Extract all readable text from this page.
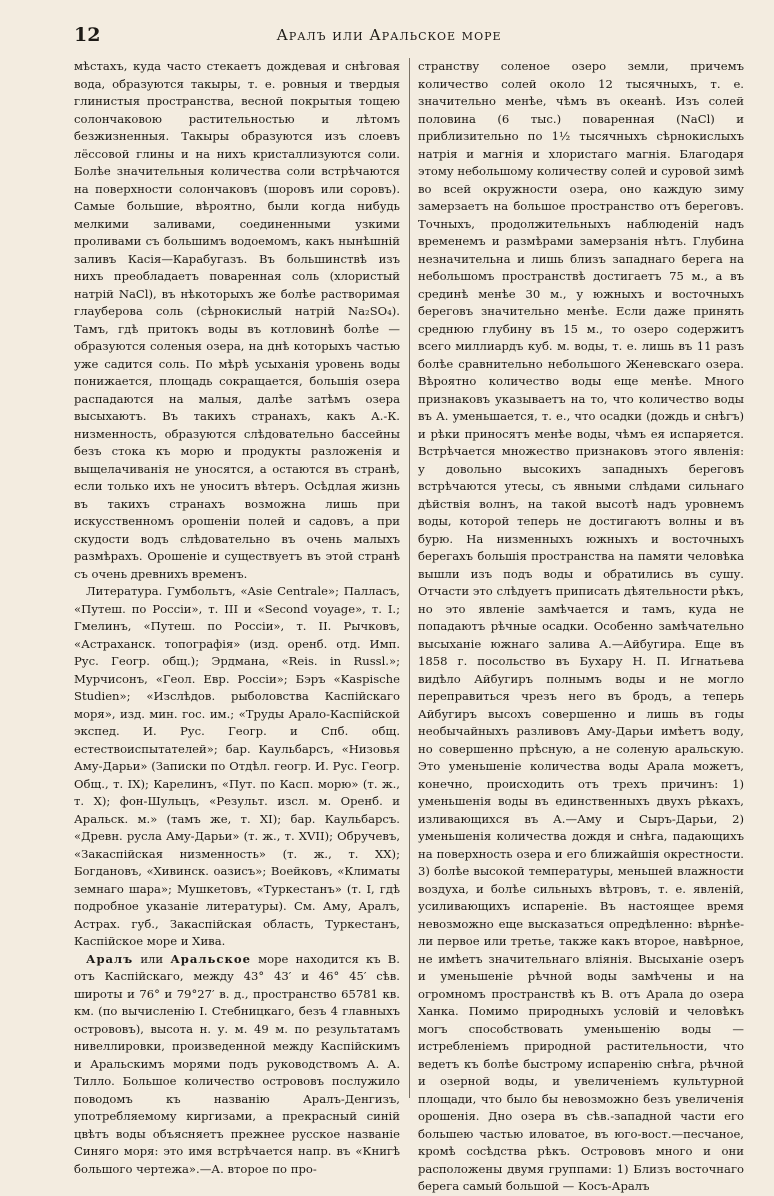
12	Аралъ или Аральское море

мѣстахъ, куда часто стекаетъ дождевая и снѣговая вода, образуются такыры, т. е. ровныя и твердыя глинистыя пространства, весной покрытыя тощею солончаковою растительностью и лѣтомъ безжизненныя. Такыры образуются изъ слоевъ лёссовой глины и на нихъ кристаллизуются соли. Болѣе значительныя количества соли встрѣчаются на поверхности солончаковъ (шоровъ или соровъ). Самые большие, вѣроятно, были когда нибудь мелкими заливами, соединенными узкими проливами съ большимъ водоемомъ, какъ нынѣшній заливъ Касія—Карабугазъ. Въ большинствѣ изъ нихъ преобладаетъ поваренная соль (хлористый натрій NaCl), въ нѣкоторыхъ же болѣе растворимая глауберова соль (сѣрнокислый натрій Na₂SO₄). Тамъ, гдѣ притокъ воды въ котловинѣ болѣе — образуются соленыя озера, на днѣ которыхъ частью уже садится соль. По мѣрѣ усыханія уровень воды понижается, площадь сокращается, большія озера распадаются на малыя, далѣе затѣмъ озера высыхаютъ. Въ такихъ странахъ, какъ А.-К. низменность, образуются слѣдовательно бассейны безъ стока къ морю и продукты разложенія и выщелачиванія не уносятся, а остаются въ странѣ, если только ихъ не уноситъ вѣтеръ. Осѣдлая жизнь въ такихъ странахъ возможна лишь при искусственномъ орошеніи полей и садовъ, а при скудости водъ слѣдовательно въ очень малыхъ размѣрахъ. Орошеніе и существуетъ въ этой странѣ съ очень древнихъ временъ.

Литература. Гумбольтъ, «Asie Centrale»; Палласъ, «Путеш. по Россіи», т. III и «Second voyage», т. I.; Гмелинъ, «Путеш. по Россіи», т. II. Рычковъ, «Астраханск. топографія» (изд. оренб. отд. Имп. Рус. Геогр. общ.); Эрдмана, «Reis. in Russl.»; Мурчисонъ, «Геол. Евр. Россіи»; Бэръ «Kaspische Studien»; «Изслѣдов. рыболовства Каспійскаго моря», изд. мин. гос. им.; «Труды Арало-Каспійской экспед. И. Рус. Геогр. и Спб. общ. естествоиспытателей»; бар. Каульбарсъ, «Низовья Аму-Дарьи» (Записки по Отдѣл. геогр. И. Рус. Геогр. Общ., т. IX); Карелинъ, «Пут. по Касп. морю» (т. ж., т. X); фон-Шульцъ, «Результ. изсл. м. Оренб. и Аральск. м.» (тамъ же, т. XI); бар. Каульбарсъ. «Древн. русла Аму-Дарьи» (т. ж., т. XVII); Обручевъ, «Закаспійская низменность» (т. ж., т. XX); Богдановъ, «Хивинск. оазисъ»; Воейковъ, «Климаты земнаго шара»; Мушкетовъ, «Туркестанъ» (т. I, гдѣ подробное указаніе литературы). См. Аму, Аралъ, Астрах. губ., Закаспійская область, Туркестанъ, Каспійское море и Хива.

Аралъ или Аральское море находится къ В. отъ Каспійскаго, между 43° 43′ и 46° 45′ сѣв. широты и 76° и 79°27′ в. д., пространство 65781 кв. км. (по вычисленію I. Стебницкаго, безъ 4 главныхъ острововъ), высота н. у. м. 49 м. по результатамъ нивеллировки, произведенной между Каспійскимъ и Аральскимъ морями подъ руководствомъ А. А. Тилло. Большое количество острововъ послужило поводомъ къ названію Аралъ-Денгизъ, употребляемому киргизами, а прекрасный синій цвѣтъ воды объясняетъ прежнее русское названіе Синяго моря: это имя встрѣчается напр. въ «Книгѣ большого чертежа».—А. второе по про-

странству соленое озеро земли, причемъ количество солей около 12 тысячныхъ, т. е. значительно менѣе, чѣмъ въ океанѣ. Изъ солей половина (6 тыс.) поваренная (NaCl) и приблизительно по 1½ тысячныхъ сѣрнокислыхъ натрія и магнія и хлористаго магнія. Благодаря этому небольшому количеству солей и суровой зимѣ во всей окружности озера, оно каждую зиму замерзаетъ на большое пространство отъ береговъ. Точныхъ, продолжительныхъ наблюденій надъ временемъ и размѣрами замерзанія нѣтъ. Глубина незначительна и лишь близъ западнаго берега на небольшомъ пространствѣ достигаетъ 75 м., а въ срединѣ менѣе 30 м., у южныхъ и восточныхъ береговъ значительно менѣе. Если даже принять среднюю глубину въ 15 м., то озеро содержитъ всего миллиардъ куб. м. воды, т. е. лишь въ 11 разъ болѣе сравнительно небольшого Женевскаго озера. Вѣроятно количество воды еще менѣе. Много признаковъ указываетъ на то, что количество воды въ А. уменьшается, т. е., что осадки (дождь и снѣгъ) и рѣки приносятъ менѣе воды, чѣмъ ея испаряется. Встрѣчается множество признаковъ этого явленія: у довольно высокихъ западныхъ береговъ встрѣчаются утесы, съ явными слѣдами сильнаго дѣйствія волнъ, на такой высотѣ надъ уровнемъ воды, которой теперь не достигаютъ волны и въ бурю. На низменныхъ южныхъ и восточныхъ берегахъ большія пространства на памяти человѣка вышли изъ подъ воды и обратились въ сушу. Отчасти это слѣдуетъ приписать дѣятельности рѣкъ, но это явленіе замѣчается и тамъ, куда не попадаютъ рѣчные осадки. Особенно замѣчательно высыханіе южнаго залива А.—Айбугира. Еще въ 1858 г. посольство въ Бухару Н. П. Игнатьева видѣло Айбугиръ полнымъ воды и не могло переправиться чрезъ него въ бродъ, а теперь Айбугиръ высохъ совершенно и лишь въ годы необычайныхъ разливовъ Аму-Дарьи имѣетъ воду, но совершенно прѣсную, а не соленую аральскую. Это уменьшеніе количества воды Арала можетъ, конечно, происходить отъ трехъ причинъ: 1) уменьшенія воды въ единственныхъ двухъ рѣкахъ, изливающихся въ А.—Аму и Сыръ-Дарьи, 2) уменьшенія количества дождя и снѣга, падающихъ на поверхность озера и его ближайшія окрестности. 3) болѣе высокой температуры, меньшей влажности воздуха, и болѣе сильныхъ вѣтровъ, т. е. явленій, усиливающихъ испареніе. Въ настоящее время невозможно еще высказаться опредѣленно: вѣрнѣе-ли первое или третье, также какъ второе, навѣрное, не имѣетъ значительнаго вліянія. Высыханіе озеръ и уменьшеніе рѣчной воды замѣчены и на огромномъ пространствѣ къ В. отъ Арала до озера Ханка. Помимо природныхъ условій и человѣкъ могъ способствовать уменьшенію воды — истребленіемъ природной растительности, что ведетъ къ болѣе быстрому испаренію снѣга, рѣчной и озерной воды, и увеличеніемъ культурной площади, что было бы невозможно безъ увеличенія орошенія. Дно озера въ сѣв.-западной части его большею частью иловатое, въ юго-вост.—песчаное, кромѣ сосѣдства рѣкъ. Острововъ много и они расположены двумя группами: 1) Близъ восточнаго берега самый большой — Косъ-Аралъ
